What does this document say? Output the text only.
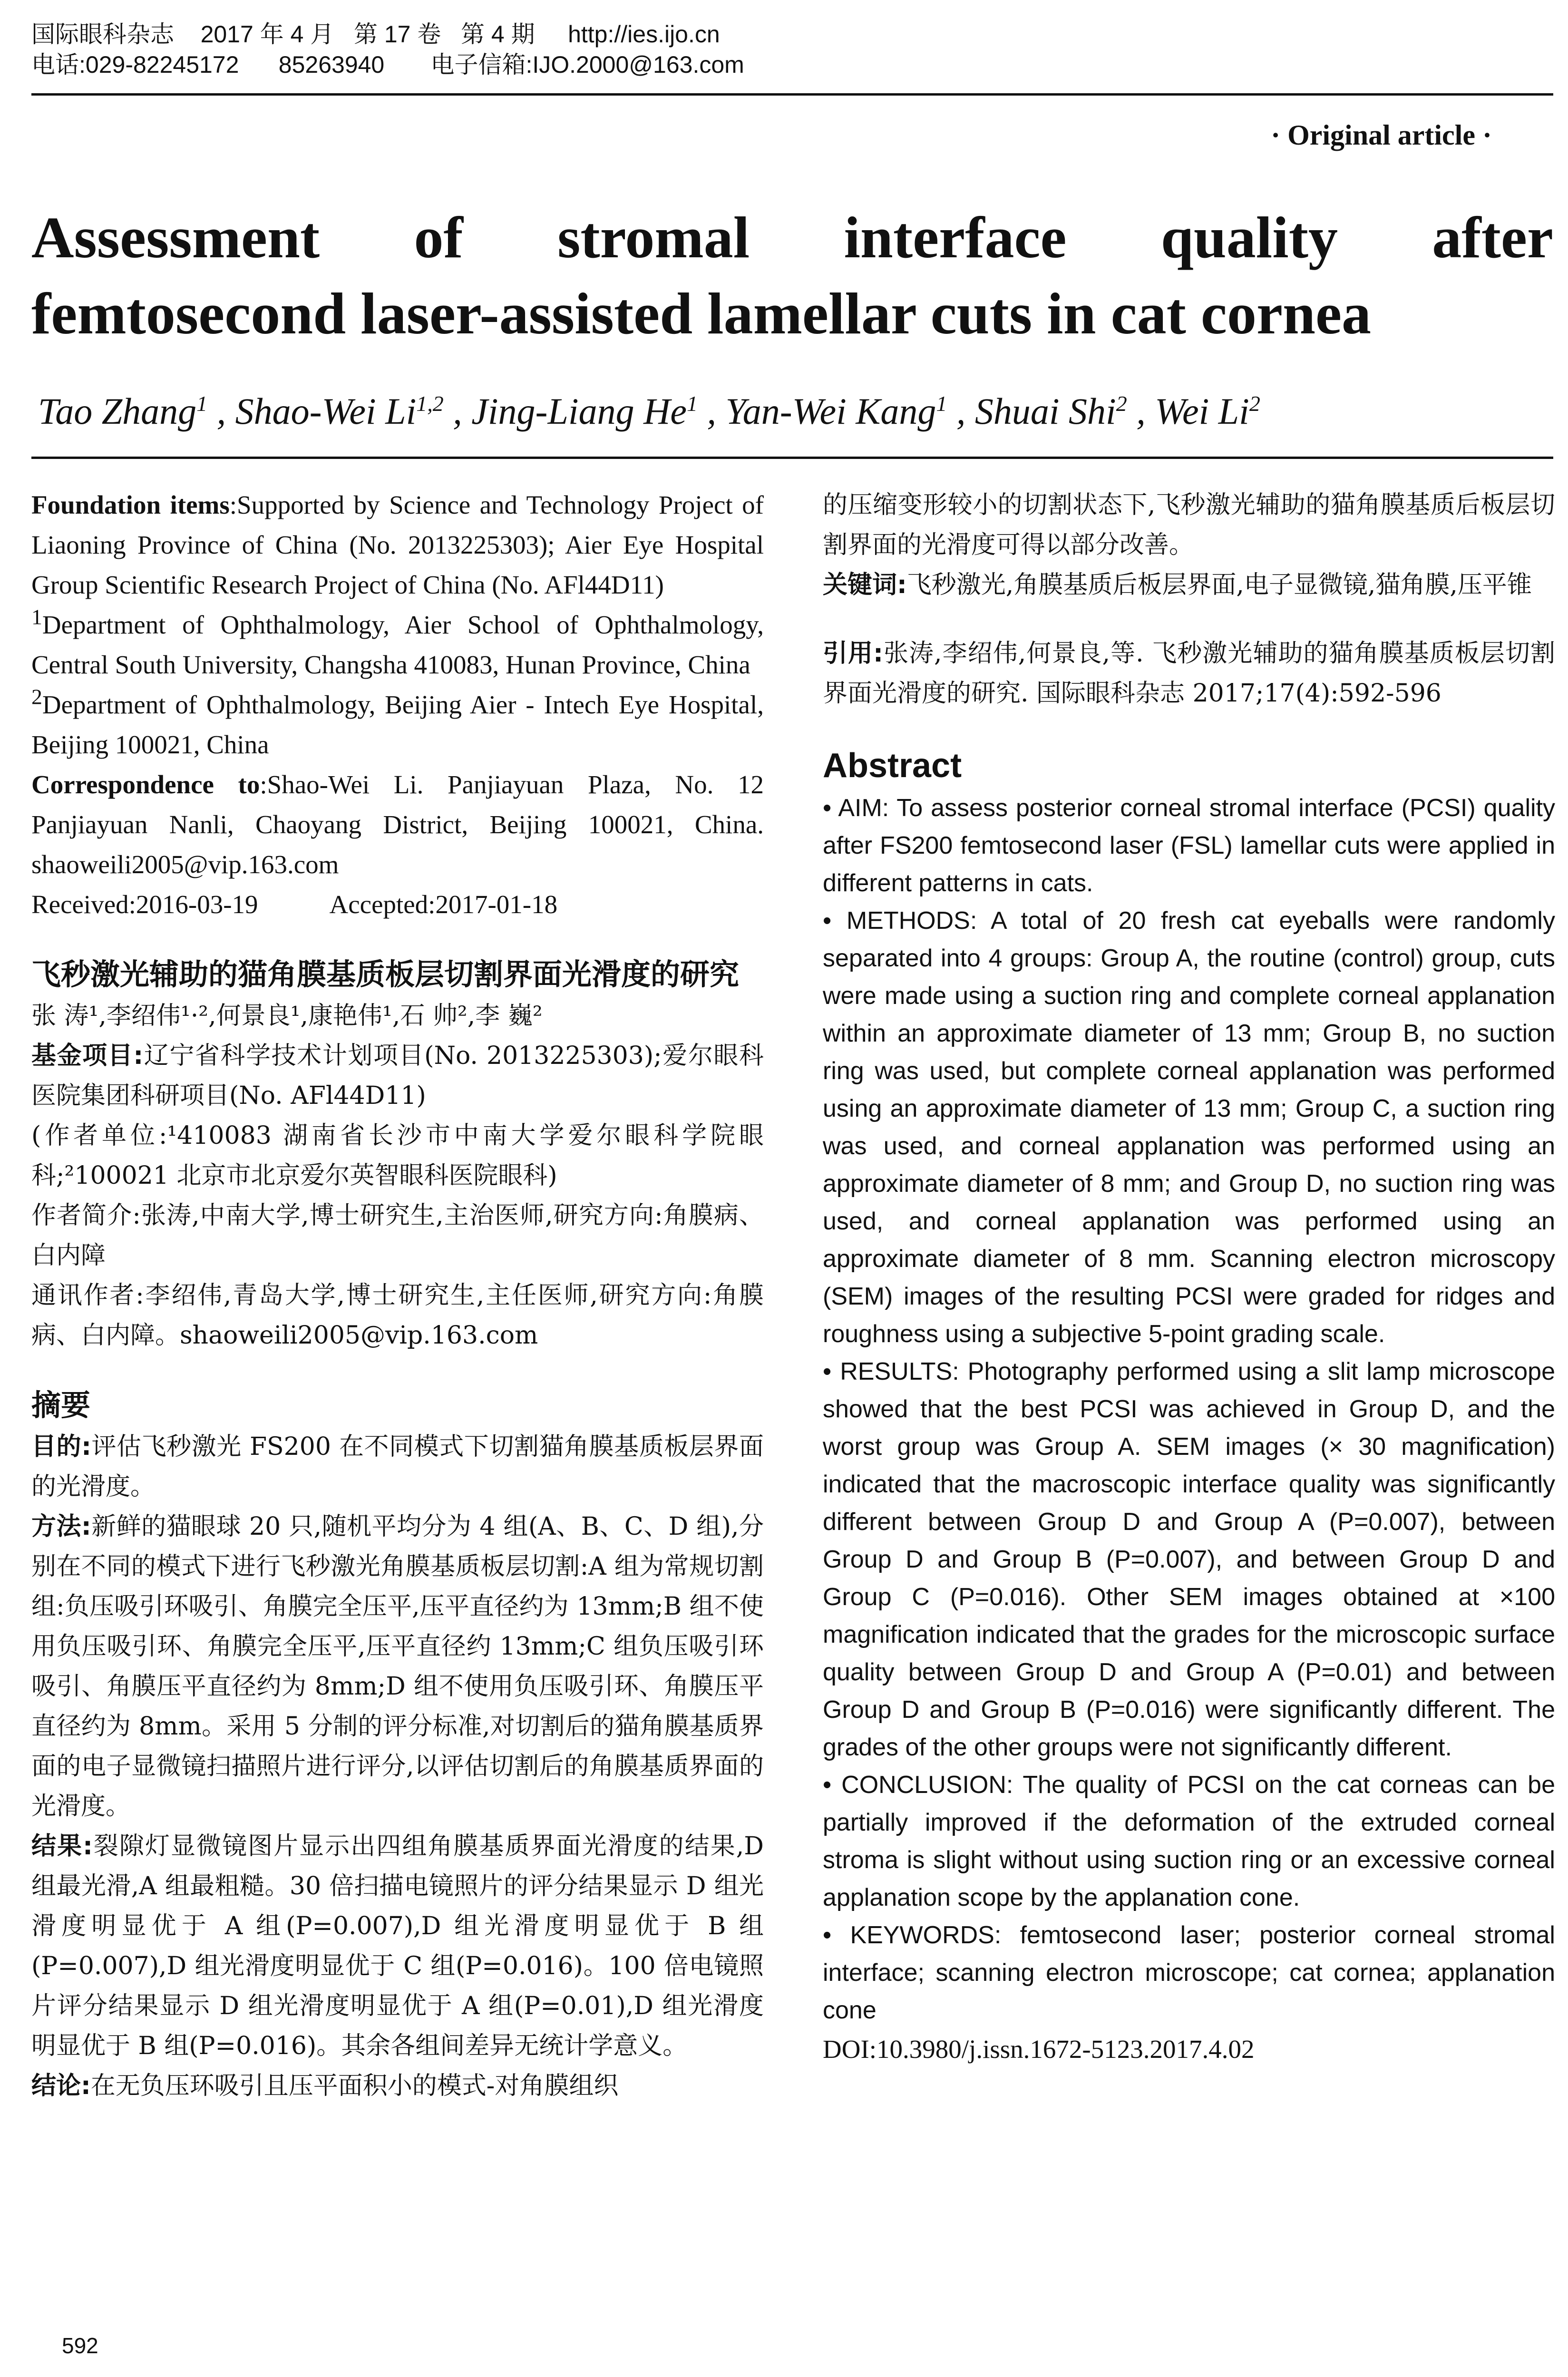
国际眼科杂志    2017 年 4 月   第 17 卷   第 4 期     http://ies.ijo.cn
电话:029-82245172      85263940       电子信箱:IJO.2000@163.com
· Original article ·
Assessment of stromal interface quality after
femtosecond laser-assisted lamellar cuts in cat cornea
Tao Zhang$^1$ , Shao-Wei Li$^{1,2}$ , Jing-Liang He$^1$ , Yan-Wei Kang$^1$ , Shuai Shi$^2$ , Wei Li$^2$
Foundation items:Supported by Science and Technology Project of Liaoning Province of China (No. 2013225303); Aier Eye Hospital Group Scientific Research Project of China (No. AFl44D11)
$^1$Department of Ophthalmology, Aier School of Ophthalmology, Central South University, Changsha 410083, Hunan Province, China
$^2$Department of Ophthalmology, Beijing Aier - Intech Eye Hospital, Beijing 100021, China
Correspondence to:Shao-Wei Li. Panjiayuan Plaza, No. 12 Panjiayuan Nanli, Chaoyang District, Beijing 100021, China. shaoweili2005@vip.163.com
Received:2016-03-19	Accepted:2017-01-18
飞秒激光辅助的猫角膜基质板层切割界面光滑度的研究
张 涛¹,李绍伟¹·²,何景良¹,康艳伟¹,石 帅²,李 巍²
基金项目:辽宁省科学技术计划项目(No. 2013225303);爱尔眼科医院集团科研项目(No. AFl44D11)
(作者单位:¹410083 湖南省长沙市中南大学爱尔眼科学院眼科;²100021 北京市北京爱尔英智眼科医院眼科)
作者简介:张涛,中南大学,博士研究生,主治医师,研究方向:角膜病、白内障
通讯作者:李绍伟,青岛大学,博士研究生,主任医师,研究方向:角膜病、白内障。shaoweili2005@vip.163.com
摘要
目的:评估飞秒激光 FS200 在不同模式下切割猫角膜基质板层界面的光滑度。
方法:新鲜的猫眼球 20 只,随机平均分为 4 组(A、B、C、D 组),分别在不同的模式下进行飞秒激光角膜基质板层切割:A 组为常规切割组:负压吸引环吸引、角膜完全压平,压平直径约为 13mm;B 组不使用负压吸引环、角膜完全压平,压平直径约 13mm;C 组负压吸引环吸引、角膜压平直径约为 8mm;D 组不使用负压吸引环、角膜压平直径约为 8mm。采用 5 分制的评分标准,对切割后的猫角膜基质界面的电子显微镜扫描照片进行评分,以评估切割后的角膜基质界面的光滑度。
结果:裂隙灯显微镜图片显示出四组角膜基质界面光滑度的结果,D 组最光滑,A 组最粗糙。30 倍扫描电镜照片的评分结果显示 D 组光滑度明显优于 A 组(P=0.007),D 组光滑度明显优于 B 组(P=0.007),D 组光滑度明显优于 C 组(P=0.016)。100 倍电镜照片评分结果显示 D 组光滑度明显优于 A 组(P=0.01),D 组光滑度明显优于 B 组(P=0.016)。其余各组间差异无统计学意义。
结论:在无负压环吸引且压平面积小的模式-对角膜组织
的压缩变形较小的切割状态下,飞秒激光辅助的猫角膜基质后板层切割界面的光滑度可得以部分改善。
关键词:飞秒激光,角膜基质后板层界面,电子显微镜,猫角膜,压平锥
引用:张涛,李绍伟,何景良,等. 飞秒激光辅助的猫角膜基质板层切割界面光滑度的研究. 国际眼科杂志 2017;17(4):592-596
Abstract
• AIM: To assess posterior corneal stromal interface (PCSI) quality after FS200 femtosecond laser (FSL) lamellar cuts were applied in different patterns in cats.
• METHODS: A total of 20 fresh cat eyeballs were randomly separated into 4 groups: Group A, the routine (control) group, cuts were made using a suction ring and complete corneal applanation within an approximate diameter of 13 mm; Group B, no suction ring was used, but complete corneal applanation was performed using an approximate diameter of 13 mm; Group C, a suction ring was used, and corneal applanation was performed using an approximate diameter of 8 mm; and Group D, no suction ring was used, and corneal applanation was performed using an approximate diameter of 8 mm. Scanning electron microscopy (SEM) images of the resulting PCSI were graded for ridges and roughness using a subjective 5-point grading scale.
• RESULTS: Photography performed using a slit lamp microscope showed that the best PCSI was achieved in Group D, and the worst group was Group A. SEM images (× 30 magnification) indicated that the macroscopic interface quality was significantly different between Group D and Group A (P=0.007), between Group D and Group B (P=0.007), and between Group D and Group C (P=0.016). Other SEM images obtained at ×100 magnification indicated that the grades for the microscopic surface quality between Group D and Group A (P=0.01) and between Group D and Group B (P=0.016) were significantly different. The grades of the other groups were not significantly different.
• CONCLUSION: The quality of PCSI on the cat corneas can be partially improved if the deformation of the extruded corneal stroma is slight without using suction ring or an excessive corneal applanation scope by the applanation cone.
• KEYWORDS: femtosecond laser; posterior corneal stromal interface; scanning electron microscope; cat cornea; applanation cone
DOI:10.3980/j.issn.1672-5123.2017.4.02
592
